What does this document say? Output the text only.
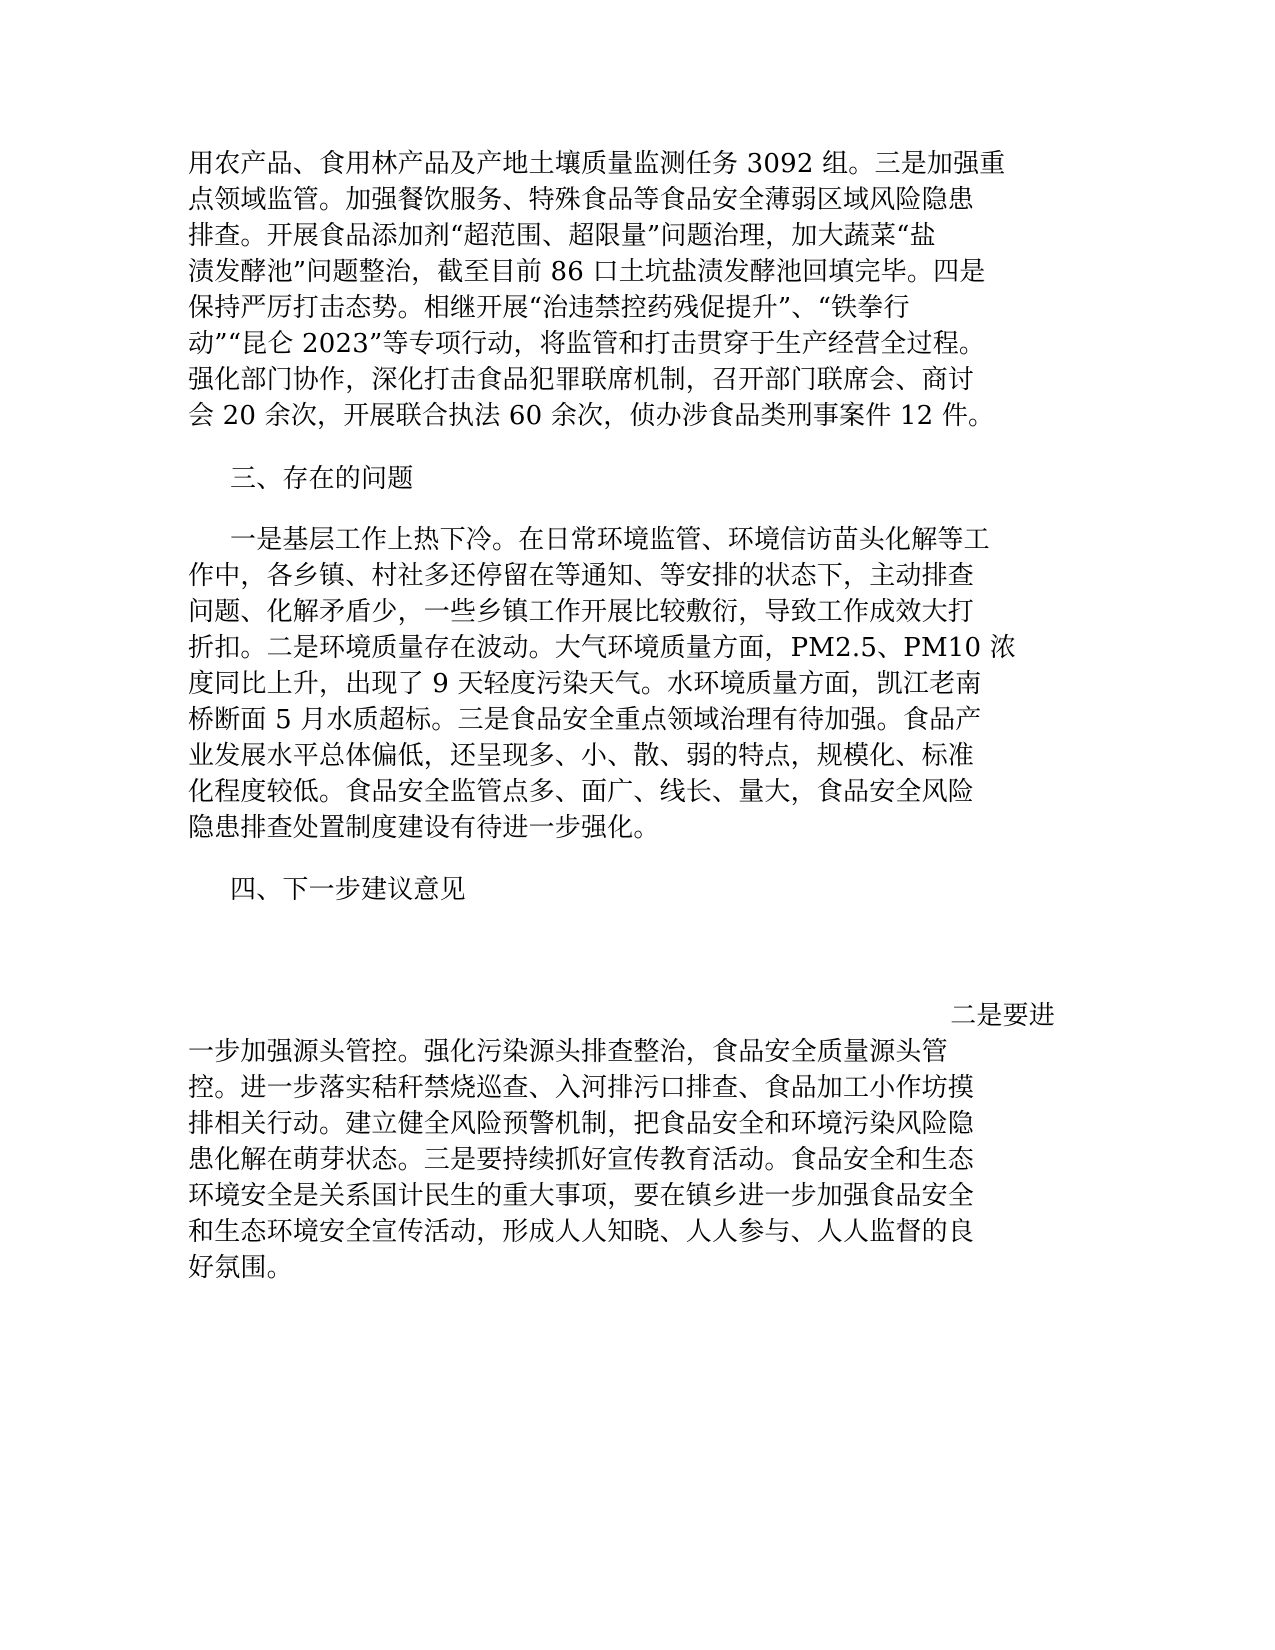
用农产品、食用林产品及产地土壤质量监测任务 3092 组。三是加强重
点领域监管。加强餐饮服务、特殊食品等食品安全薄弱区域风险隐患
排查。开展食品添加剂“超范围、超限量”问题治理，加大蔬菜“盐
渍发酵池”问题整治，截至目前 86 口土坑盐渍发酵池回填完毕。四是
保持严厉打击态势。相继开展“治违禁控药残促提升”、“铁拳行
动”“昆仑 2023”等专项行动，将监管和打击贯穿于生产经营全过程。
强化部门协作，深化打击食品犯罪联席机制，召开部门联席会、商讨
会 20 余次，开展联合执法 60 余次，侦办涉食品类刑事案件 12 件。
三、存在的问题
一是基层工作上热下冷。在日常环境监管、环境信访苗头化解等工
作中，各乡镇、村社多还停留在等通知、等安排的状态下，主动排查
问题、化解矛盾少，一些乡镇工作开展比较敷衍，导致工作成效大打
折扣。二是环境质量存在波动。大气环境质量方面，PM2.5、PM10 浓
度同比上升，出现了 9 天轻度污染天气。水环境质量方面，凯江老南
桥断面 5 月水质超标。三是食品安全重点领域治理有待加强。食品产
业发展水平总体偏低，还呈现多、小、散、弱的特点，规模化、标准
化程度较低。食品安全监管点多、面广、线长、量大，食品安全风险
隐患排查处置制度建设有待进一步强化。
四、下一步建议意见
二是要进
一步加强源头管控。强化污染源头排查整治，食品安全质量源头管
控。进一步落实秸秆禁烧巡查、入河排污口排查、食品加工小作坊摸
排相关行动。建立健全风险预警机制，把食品安全和环境污染风险隐
患化解在萌芽状态。三是要持续抓好宣传教育活动。食品安全和生态
环境安全是关系国计民生的重大事项，要在镇乡进一步加强食品安全
和生态环境安全宣传活动，形成人人知晓、人人参与、人人监督的良
好氛围。
